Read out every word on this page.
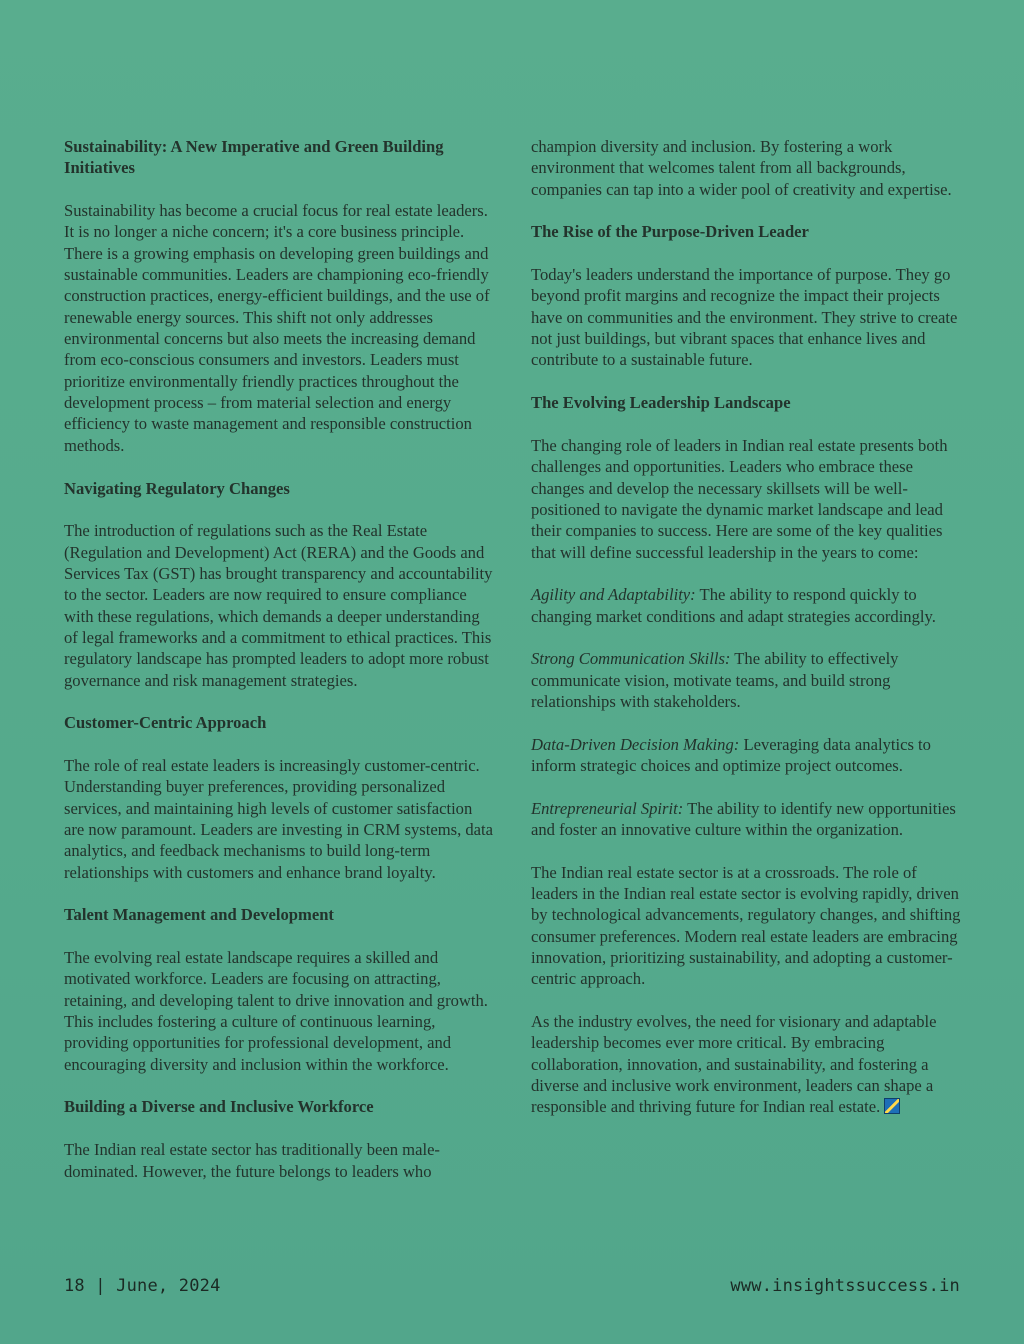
Sustainability: A New Imperative and Green Building Initiatives

Sustainability has become a crucial focus for real estate leaders. It is no longer a niche concern; it's a core business principle. There is a growing emphasis on developing green buildings and sustainable communities. Leaders are championing eco-friendly construction practices, energy-efficient buildings, and the use of renewable energy sources. This shift not only addresses environmental concerns but also meets the increasing demand from eco-conscious consumers and investors. Leaders must prioritize environmentally friendly practices throughout the development process – from material selection and energy efficiency to waste management and responsible construction methods.

Navigating Regulatory Changes

The introduction of regulations such as the Real Estate (Regulation and Development) Act (RERA) and the Goods and Services Tax (GST) has brought transparency and accountability to the sector. Leaders are now required to ensure compliance with these regulations, which demands a deeper understanding of legal frameworks and a commitment to ethical practices. This regulatory landscape has prompted leaders to adopt more robust governance and risk management strategies.

Customer-Centric Approach

The role of real estate leaders is increasingly customer-centric. Understanding buyer preferences, providing personalized services, and maintaining high levels of customer satisfaction are now paramount. Leaders are investing in CRM systems, data analytics, and feedback mechanisms to build long-term relationships with customers and enhance brand loyalty.

Talent Management and Development

The evolving real estate landscape requires a skilled and motivated workforce. Leaders are focusing on attracting, retaining, and developing talent to drive innovation and growth. This includes fostering a culture of continuous learning, providing opportunities for professional development, and encouraging diversity and inclusion within the workforce.

Building a Diverse and Inclusive Workforce

The Indian real estate sector has traditionally been male-dominated. However, the future belongs to leaders who

champion diversity and inclusion. By fostering a work environment that welcomes talent from all backgrounds, companies can tap into a wider pool of creativity and expertise.

The Rise of the Purpose-Driven Leader

Today's leaders understand the importance of purpose. They go beyond profit margins and recognize the impact their projects have on communities and the environment. They strive to create not just buildings, but vibrant spaces that enhance lives and contribute to a sustainable future.

The Evolving Leadership Landscape

The changing role of leaders in Indian real estate presents both challenges and opportunities. Leaders who embrace these changes and develop the necessary skillsets will be well-positioned to navigate the dynamic market landscape and lead their companies to success. Here are some of the key qualities that will define successful leadership in the years to come:

Agility and Adaptability: The ability to respond quickly to changing market conditions and adapt strategies accordingly.

Strong Communication Skills: The ability to effectively communicate vision, motivate teams, and build strong relationships with stakeholders.

Data-Driven Decision Making: Leveraging data analytics to inform strategic choices and optimize project outcomes.

Entrepreneurial Spirit: The ability to identify new opportunities and foster an innovative culture within the organization.

The Indian real estate sector is at a crossroads. The role of leaders in the Indian real estate sector is evolving rapidly, driven by technological advancements, regulatory changes, and shifting consumer preferences. Modern real estate leaders are embracing innovation, prioritizing sustainability, and adopting a customer-centric approach.

As the industry evolves, the need for visionary and adaptable leadership becomes ever more critical. By embracing collaboration, innovation, and sustainability, and fostering a diverse and inclusive work environment, leaders can shape a responsible and thriving future for Indian real estate.

18 | June, 2024	www.insightssuccess.in
